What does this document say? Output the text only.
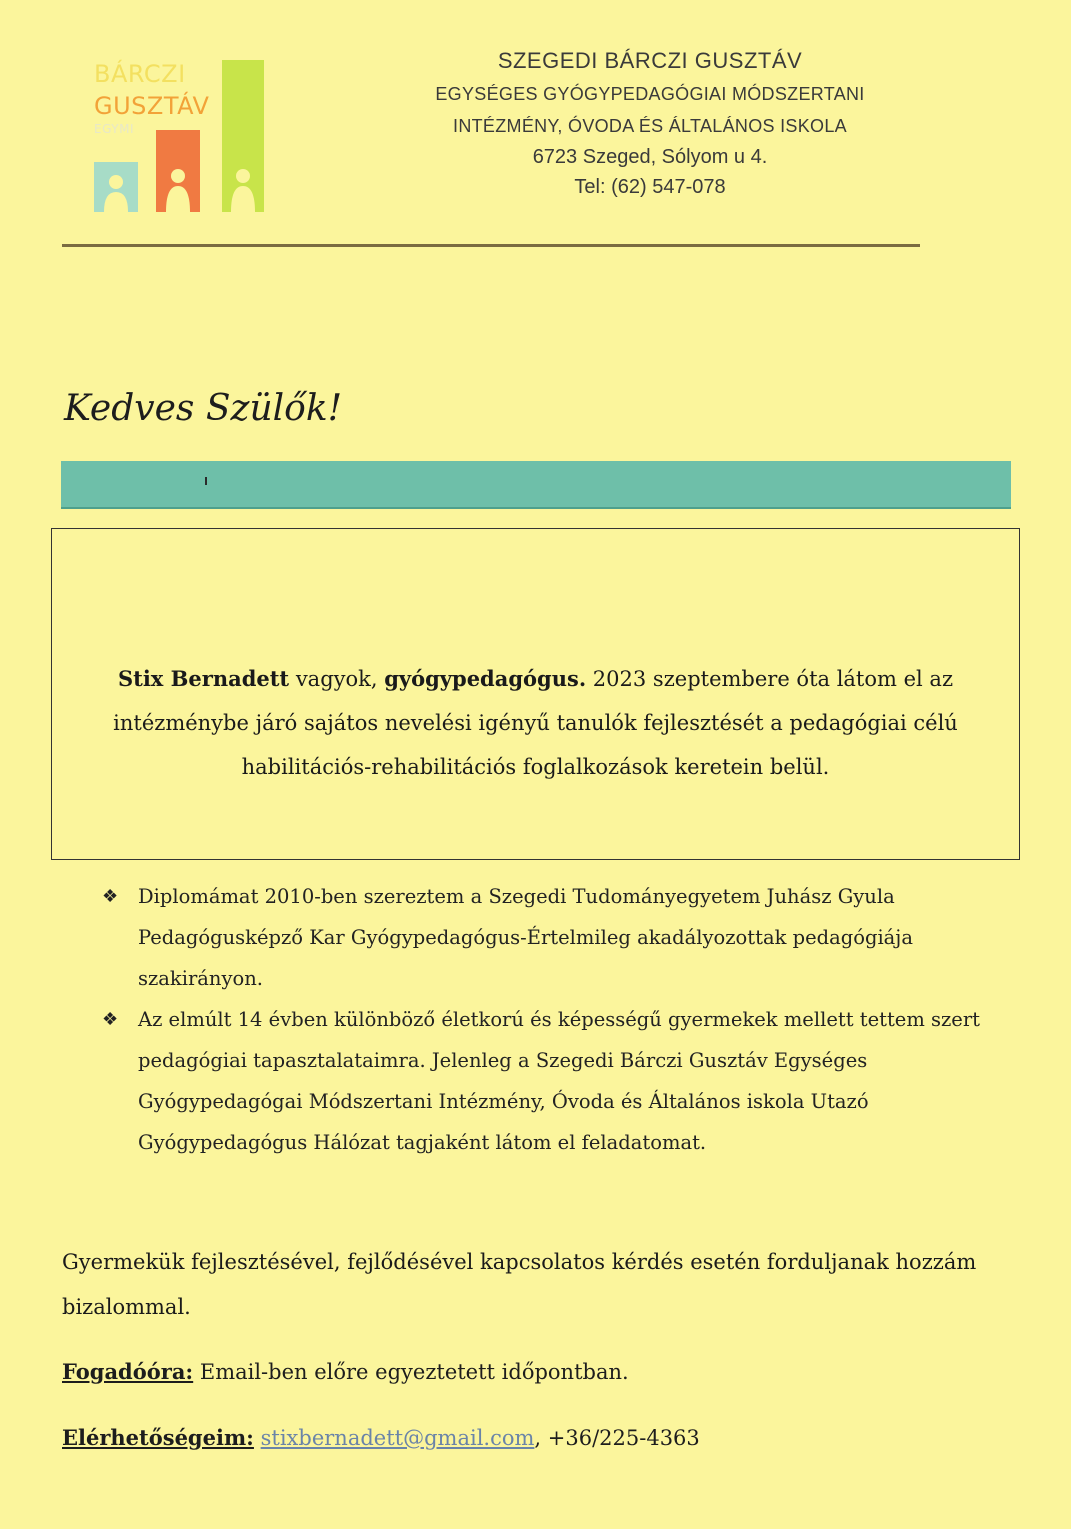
BÁRCZI
GUSZTÁV
EGYMI
SZEGEDI BÁRCZI GUSZTÁV
EGYSÉGES GYÓGYPEDAGÓGIAI MÓDSZERTANI
INTÉZMÉNY, ÓVODA ÉS ÁLTALÁNOS ISKOLA
6723 Szeged, Sólyom u 4.
Tel: (62) 547-078
Kedves Szülők!
Stix Bernadett vagyok, gyógypedagógus. 2023 szeptembere óta látom el az intézménybe járó sajátos nevelési igényű tanulók fejlesztését a pedagógiai célú habilitációs-rehabilitációs foglalkozások keretein belül.
❖ Diplomámat 2010-ben szereztem a Szegedi Tudományegyetem Juhász Gyula Pedagógusképző Kar Gyógypedagógus-Értelmileg akadályozottak pedagógiája szakirányon.
❖ Az elmúlt 14 évben különböző életkorú és képességű gyermekek mellett tettem szert pedagógiai tapasztalataimra. Jelenleg a Szegedi Bárczi Gusztáv Egységes Gyógypedagógai Módszertani Intézmény, Óvoda és Általános iskola Utazó Gyógypedagógus Hálózat tagjaként látom el feladatomat.
Gyermekük fejlesztésével, fejlődésével kapcsolatos kérdés esetén forduljanak hozzám bizalommal.
Fogadóóra: Email-ben előre egyeztetett időpontban.
Elérhetőségeim: stixbernadett@gmail.com, +36/225-4363
